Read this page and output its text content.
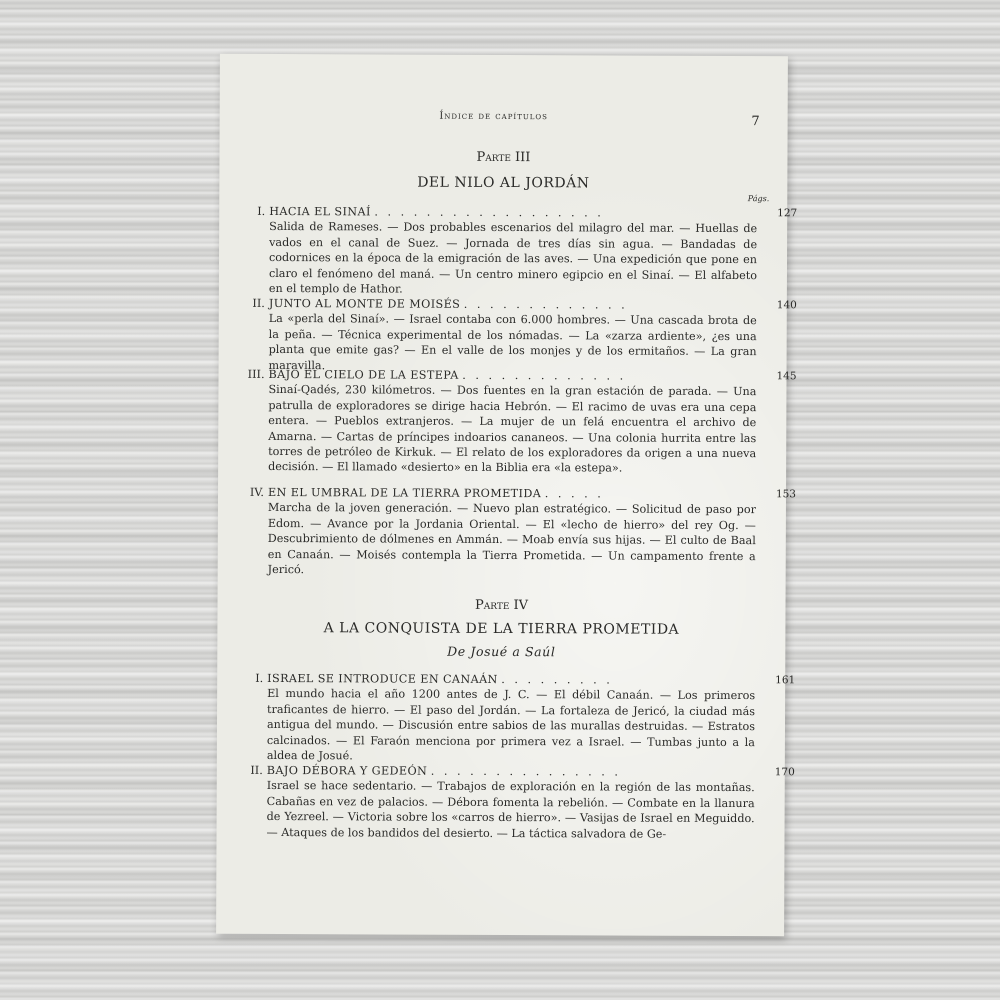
Índice de capítulos	7
Parte III
DEL NILO AL JORDÁN
Págs.
I. HACIA EL SINAÍ . . . . . . . . . . . . . . . . . .	127

Salida de Rameses. — Dos probables escenarios del milagro del mar. — Huellas de vados en el canal de Suez. — Jornada de tres días sin agua. — Bandadas de codornices en la época de la emigración de las aves. — Una expedición que pone en claro el fenómeno del maná. — Un centro minero egipcio en el Sinaí. — El alfabeto en el templo de Hathor.

II. JUNTO AL MONTE DE MOISÉS . . . . . . . . . . . . .	140

La «perla del Sinaí». — Israel contaba con 6.000 hombres. — Una cascada brota de la peña. — Técnica experimental de los nómadas. — La «zarza ardiente», ¿es una planta que emite gas? — En el valle de los monjes y de los ermitaños. — La gran maravilla.

III. BAJO EL CIELO DE LA ESTEPA . . . . . . . . . . . . .	145

Sinaí-Qadés, 230 kilómetros. — Dos fuentes en la gran estación de parada. — Una patrulla de exploradores se dirige hacia Hebrón. — El racimo de uvas era una cepa entera. — Pueblos extranjeros. — La mujer de un felá encuentra el archivo de Amarna. — Cartas de príncipes indoarios cananeos. — Una colonia hurrita entre las torres de petróleo de Kirkuk. — El relato de los exploradores da origen a una nueva decisión. — El llamado «desierto» en la Biblia era «la estepa».

IV. EN EL UMBRAL DE LA TIERRA PROMETIDA . . . . .	153

Marcha de la joven generación. — Nuevo plan estratégico. — Solicitud de paso por Edom. — Avance por la Jordania Oriental. — El «lecho de hierro» del rey Og. — Descubrimiento de dólmenes en Ammán. — Moab envía sus hijas. — El culto de Baal en Canaán. — Moisés contempla la Tierra Prometida. — Un campamento frente a Jericó.

Parte IV
A LA CONQUISTA DE LA TIERRA PROMETIDA
De Josué a Saúl
I. ISRAEL SE INTRODUCE EN CANAÁN . . . . . . . . .	161

El mundo hacia el año 1200 antes de J. C. — El débil Canaán. — Los primeros traficantes de hierro. — El paso del Jordán. — La fortaleza de Jericó, la ciudad más antigua del mundo. — Discusión entre sabios de las murallas destruidas. — Estratos calcinados. — El Faraón menciona por primera vez a Israel. — Tumbas junto a la aldea de Josué.

II. BAJO DÉBORA Y GEDEÓN . . . . . . . . . . . . . . .	170

Israel se hace sedentario. — Trabajos de exploración en la región de las montañas. Cabañas en vez de palacios. — Débora fomenta la rebelión. — Combate en la llanura de Yezreel. — Victoria sobre los «carros de hierro». — Vasijas de Israel en Meguiddo. — Ataques de los bandidos del desierto. — La táctica salvadora de Ge-
